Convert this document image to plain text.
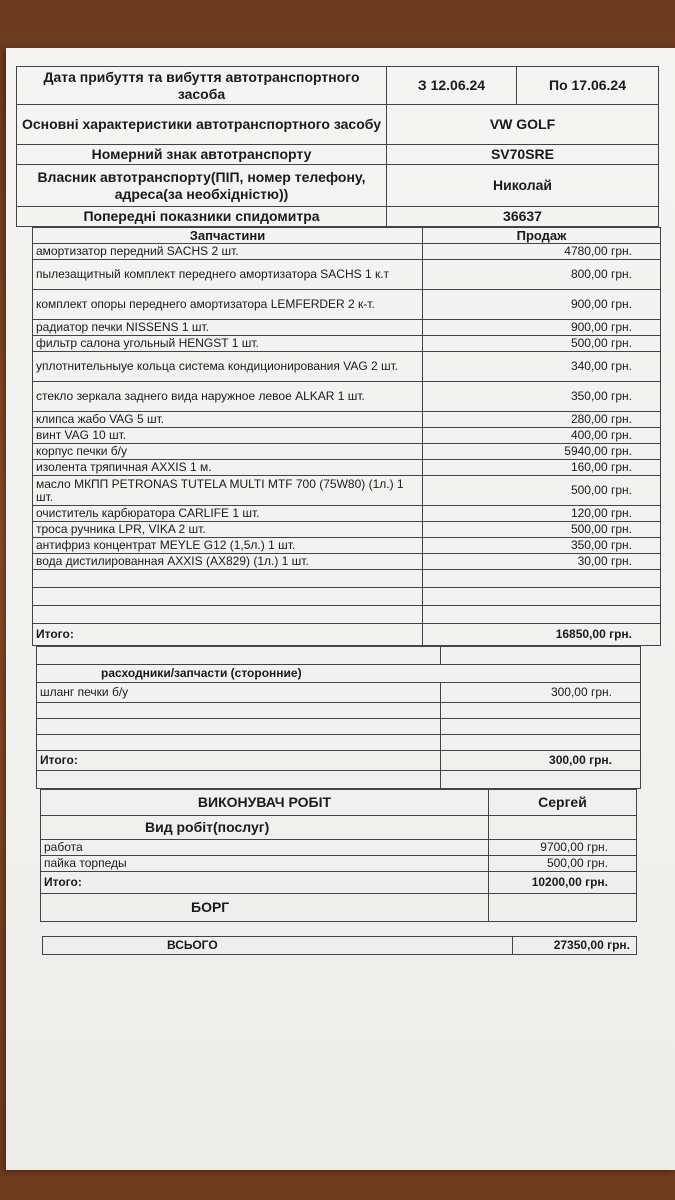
Дата прибуття та вибуття автотранспортного засоба	З 12.06.24	По 17.06.24
Основні характеристики автотранспортного засобу	VW GOLF	
Номерний знак автотранспорту	SV70SRE	
Власник автотранспорту(ПІП, номер телефону, адреса(за необхідністю))	Николай	
Попередні показники спидомитра	36637	
Запчастини	Продаж
амортизатор передний SACHS 2 шт.	4780,00 грн.
пылезащитный комплект переднего амортизатора SACHS 1 к.т	800,00 грн.
комплект опоры переднего амортизатора LEMFERDER 2 к-т.	900,00 грн.
радиатор печки NISSENS 1 шт.	900,00 грн.
фильтр салона угольный HENGST 1 шт.	500,00 грн.
уплотнительныуе кольца система кондиционирования VAG 2 шт.	340,00 грн.
стекло зеркала заднего вида наружное левое ALKAR 1 шт.	350,00 грн.
клипса жабо VAG 5 шт.	280,00 грн.
винт VAG 10 шт.	400,00 грн.
корпус печки б/у	5940,00 грн.
изолента тряпичная AXXIS 1 м.	160,00 грн.
масло МКПП PETRONAS TUTELA MULTI MTF 700 (75W80) (1л.) 1 шт.	500,00 грн.
очиститель карбюратора CARLIFE 1 шт.	120,00 грн.
троса ручника LPR, VIKA 2 шт.	500,00 грн.
антифриз концентрат MEYLE G12 (1,5л.) 1 шт.	350,00 грн.
вода дистилированная AXXIS (AX829) (1л.) 1 шт.	30,00 грн.

Итого:	16850,00 грн.

расходники/запчасти (сторонние)	
шланг печки б/у	300,00 грн.

Итого:	300,00 грн.

ВИКОНУВАЧ РОБІТ	Сергей
Вид робіт(послуг)	
работа	9700,00 грн.
пайка торпеды	500,00 грн.
Итого:	10200,00 грн.
БОРГ	
ВСЬОГО	27350,00 грн.
